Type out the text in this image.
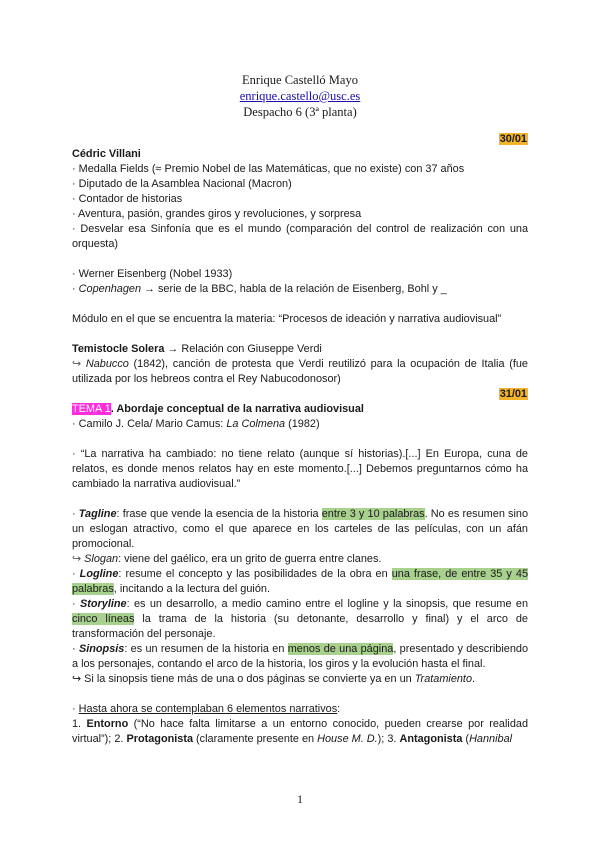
Enrique Castelló Mayo
enrique.castello@usc.es
Despacho 6 (3ª planta)

30/01

Cédric Villani

· Medalla Fields (≈ Premio Nobel de las Matemáticas, que no existe) con 37 años

· Diputado de la Asamblea Nacional (Macron)

· Contador de historias

· Aventura, pasión, grandes giros y revoluciones, y sorpresa

· Desvelar esa Sinfonía que es el mundo (comparación del control de realización con una orquesta)

· Werner Eisenberg (Nobel 1933)

· Copenhagen → serie de la BBC, habla de la relación de Eisenberg, Bohl y _

Módulo en el que se encuentra la materia: “Procesos de ideación y narrativa audiovisual”

Temistocle Solera → Relación con Giuseppe Verdi

↪ Nabucco (1842), canción de protesta que Verdi reutilizó para la ocupación de Italia (fue utilizada por los hebreos contra el Rey Nabucodonosor)

31/01

TEMA 1. Abordaje conceptual de la narrativa audiovisual

· Camilo J. Cela/ Mario Camus: La Colmena (1982)

· “La narrativa ha cambiado: no tiene relato (aunque sí historias).[...] En Europa, cuna de relatos, es donde menos relatos hay en este momento.[...] Debemos preguntarnos cómo ha cambiado la narrativa audiovisual.”

· Tagline: frase que vende la esencia de la historia entre 3 y 10 palabras. No es resumen sino un eslogan atractivo, como el que aparece en los carteles de las películas, con un afán promocional.

↪ Slogan: viene del gaélico, era un grito de guerra entre clanes.

· Logline: resume el concepto y las posibilidades de la obra en una frase, de entre 35 y 45 palabras, incitando a la lectura del guión.

· Storyline: es un desarrollo, a medio camino entre el logline y la sinopsis, que resume en cinco líneas la trama de la historia (su detonante, desarrollo y final) y el arco de transformación del personaje.

· Sinopsis: es un resumen de la historia en menos de una página, presentado y describiendo a los personajes, contando el arco de la historia, los giros y la evolución hasta el final.

↪ Si la sinopsis tiene más de una o dos páginas se convierte ya en un Tratamiento.

· Hasta ahora se contemplaban 6 elementos narrativos:

1. Entorno (“No hace falta limitarse a un entorno conocido, pueden crearse por realidad virtual”); 2. Protagonista (claramente presente en House M. D.); 3. Antagonista (Hannibal

1
